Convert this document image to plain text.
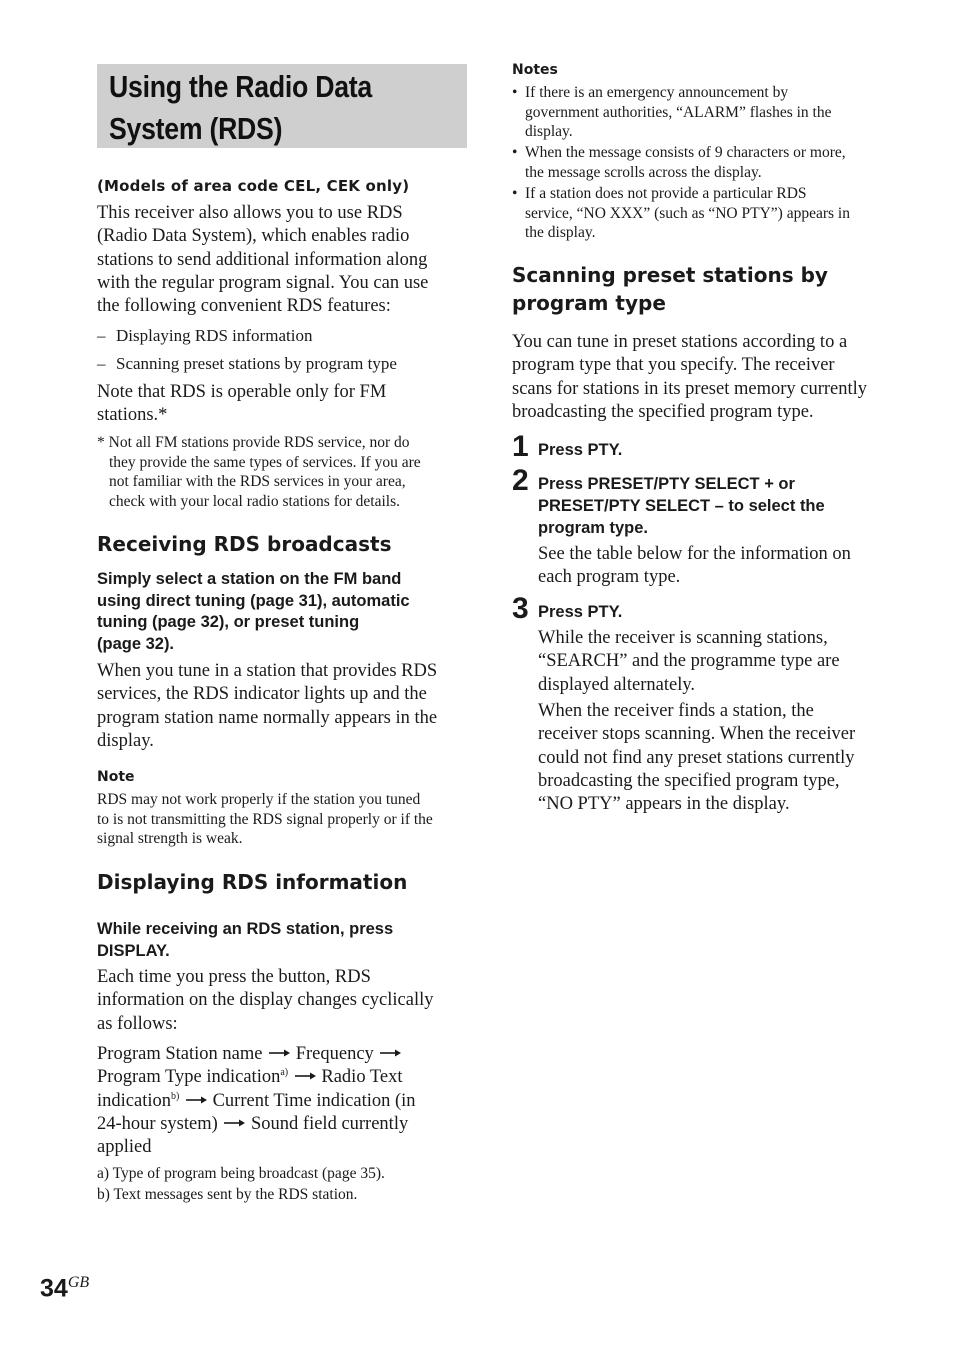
Using the Radio Data
System (RDS)
(Models of area code CEL, CEK only)
This receiver also allows you to use RDS
(Radio Data System), which enables radio
stations to send additional information along
with the regular program signal. You can use
the following convenient RDS features:
– Displaying RDS information
– Scanning preset stations by program type
Note that RDS is operable only for FM
stations.*
* Not all FM stations provide RDS service, nor do
they provide the same types of services. If you are
not familiar with the RDS services in your area,
check with your local radio stations for details.
Receiving RDS broadcasts
Simply select a station on the FM band
using direct tuning (page 31), automatic
tuning (page 32), or preset tuning
(page 32).
When you tune in a station that provides RDS
services, the RDS indicator lights up and the
program station name normally appears in the
display.
Note
RDS may not work properly if the station you tuned
to is not transmitting the RDS signal properly or if the
signal strength is weak.
Displaying RDS information
While receiving an RDS station, press
DISPLAY.
Each time you press the button, RDS
information on the display changes cyclically
as follows:
Program Station name Frequency
Program Type indication$^{a)}$ Radio Text
indication$^{b)}$ Current Time indication (in
24-hour system) Sound field currently
applied
a) Type of program being broadcast (page 35).
b) Text messages sent by the RDS station.
Notes
• If there is an emergency announcement by
government authorities, “ALARM” flashes in the
display.
• When the message consists of 9 characters or more,
the message scrolls across the display.
• If a station does not provide a particular RDS
service, “NO XXX” (such as “NO PTY”) appears in
the display.
Scanning preset stations by
program type
You can tune in preset stations according to a
program type that you specify. The receiver
scans for stations in its preset memory currently
broadcasting the specified program type.
1 Press PTY.
2 Press PRESET/PTY SELECT + or
PRESET/PTY SELECT – to select the
program type.
See the table below for the information on
each program type.
3 Press PTY.
While the receiver is scanning stations,
“SEARCH” and the programme type are
displayed alternately.
When the receiver finds a station, the
receiver stops scanning. When the receiver
could not find any preset stations currently
broadcasting the specified program type,
“NO PTY” appears in the display.
$34^{GB}$
